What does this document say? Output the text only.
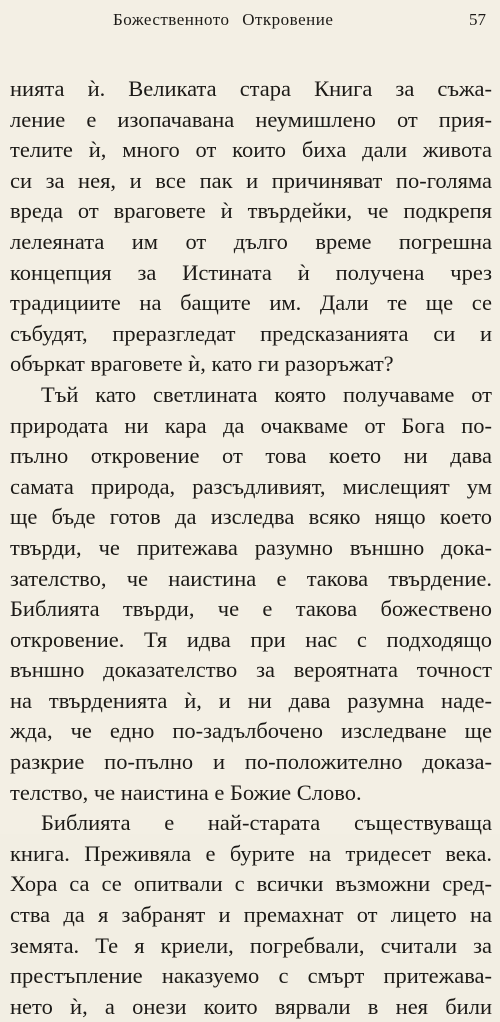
Божественното Откровение	57
нията ѝ. Великата стара Книга за съжа-
ление е изопачавана неумишлено от прия-
телите ѝ, много от които биха дали живота
си за нея, и все пак и причиняват по-голяма
вреда от враговете ѝ твърдейки, че подкрепя
лелеяната им от дълго време погрешна
концепция за Истината ѝ получена чрез
традициите на бащите им. Дали те ще се
събудят, преразгледат предсказанията си и
объркат враговете ѝ, като ги разоръжат?
Тъй като светлината която получаваме от
природата ни кара да очакваме от Бога по-
пълно откровение от това което ни дава
самата природа, разсъдливият, мислещият ум
ще бъде готов да изследва всяко нящо което
твърди, че притежава разумно външно дока-
зателство, че наистина е такова твърдение.
Библията твърди, че е такова божествено
откровение. Тя идва при нас с подходящо
външно доказателство за вероятната точност
на твърденията ѝ, и ни дава разумна наде-
жда, че едно по-задълбочено изследване ще
разкрие по-пълно и по-положително доказа-
телство, че наистина е Божие Слово.
Библията е най-старата съществуваща
книга. Преживяла е бурите на тридесет века.
Хора са се опитвали с всички възможни сред-
ства да я забранят и премахнат от лицето на
земята. Те я криели, погребвали, считали за
престъпление наказуемо с смърт притежава-
нето ѝ, а онези които вярвали в нея били
